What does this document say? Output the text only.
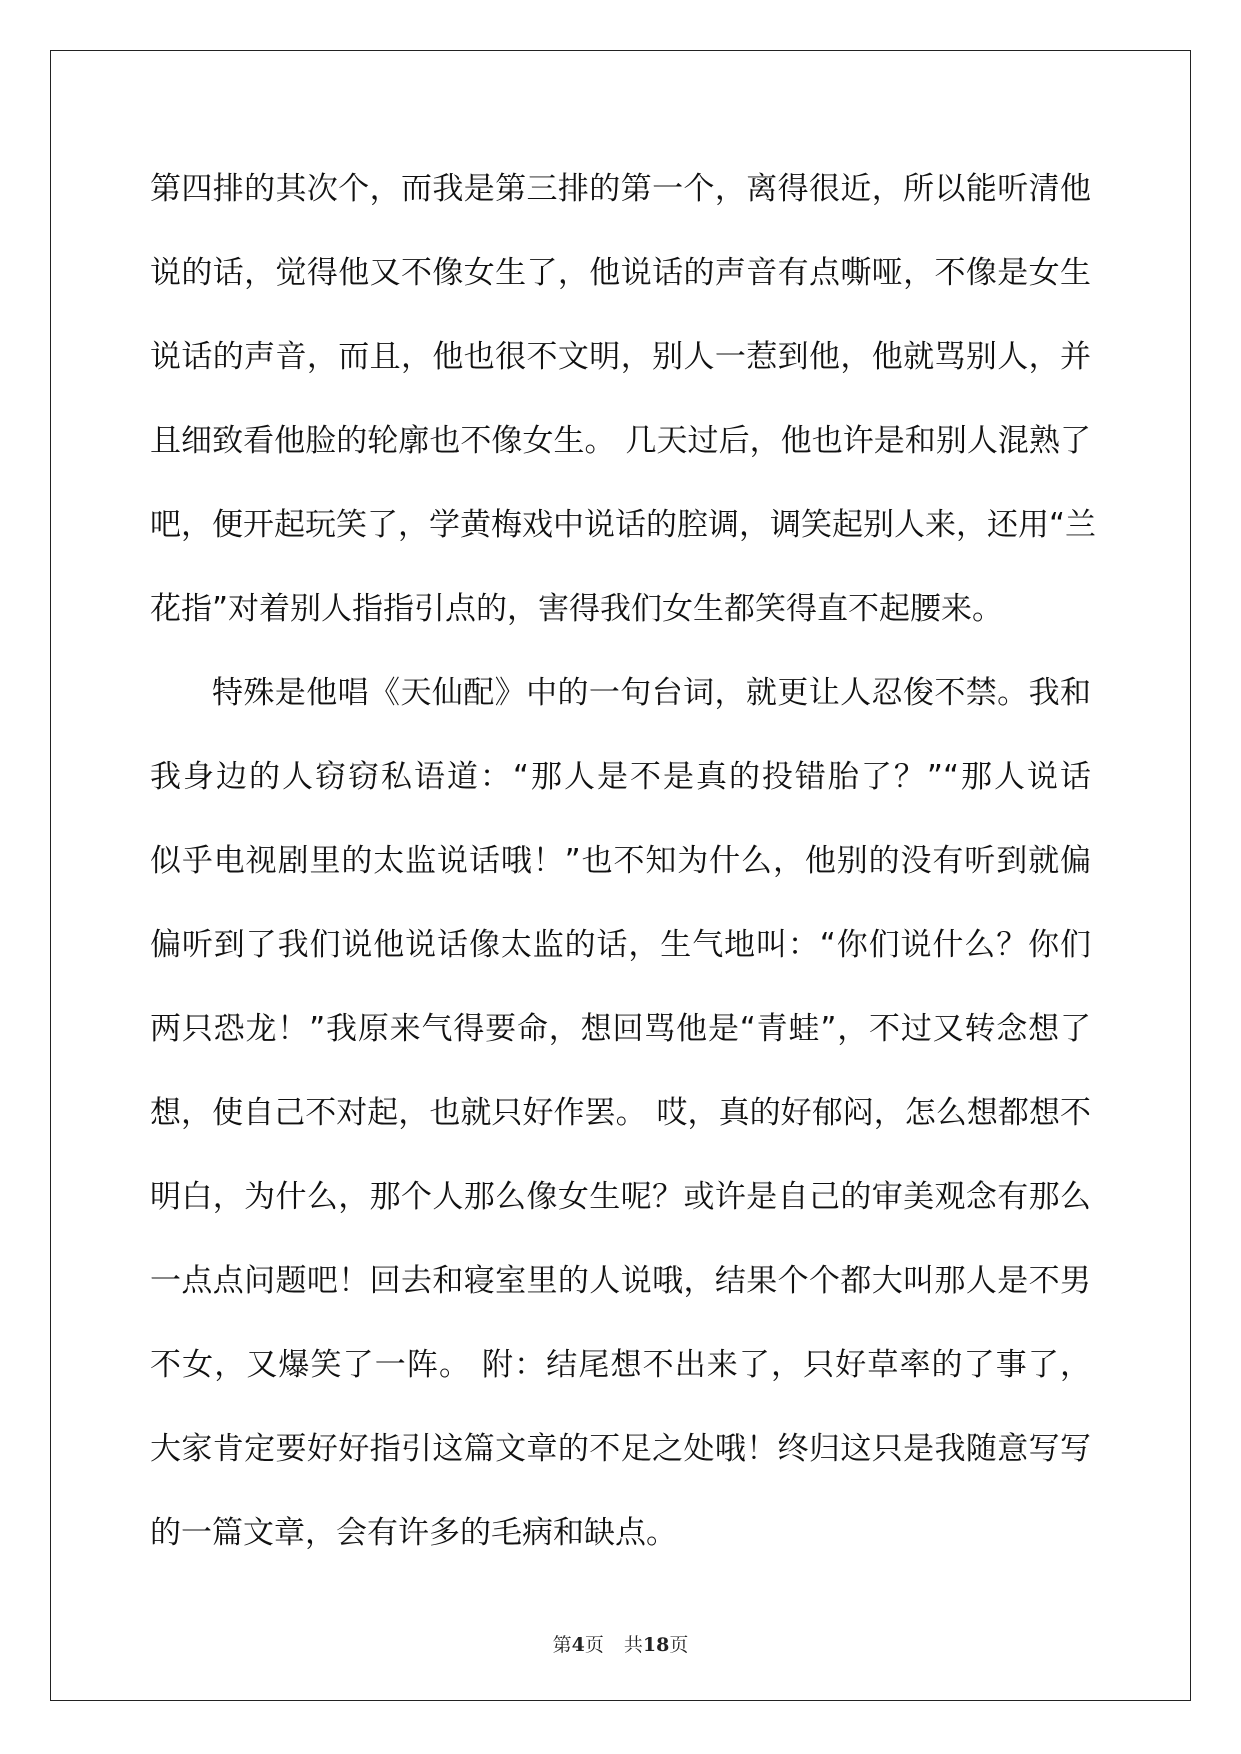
第四排的其次个，而我是第三排的第一个，离得很近，所以能听清他
说的话，觉得他又不像女生了，他说话的声音有点嘶哑，不像是女生
说话的声音，而且，他也很不文明，别人一惹到他，他就骂别人，并
且细致看他脸的轮廓也不像女生。 几天过后，他也许是和别人混熟了
吧，便开起玩笑了，学黄梅戏中说话的腔调，调笑起别人来，还用“兰
花指”对着别人指指引点的，害得我们女生都笑得直不起腰来。
特殊是他唱《天仙配》中的一句台词，就更让人忍俊不禁。我和
我身边的人窃窃私语道：“那人是不是真的投错胎了？”“那人说话
似乎电视剧里的太监说话哦！”也不知为什么，他别的没有听到就偏
偏听到了我们说他说话像太监的话，生气地叫：“你们说什么？你们
两只恐龙！”我原来气得要命，想回骂他是“青蛙”，不过又转念想了
想，使自己不对起，也就只好作罢。 哎，真的好郁闷，怎么想都想不
明白，为什么，那个人那么像女生呢？或许是自己的审美观念有那么
一点点问题吧！回去和寝室里的人说哦，结果个个都大叫那人是不男
不女，又爆笑了一阵。 附：结尾想不出来了，只好草率的了事了，
大家肯定要好好指引这篇文章的不足之处哦！终归这只是我随意写写
的一篇文章，会有许多的毛病和缺点。
第4页 共18页
